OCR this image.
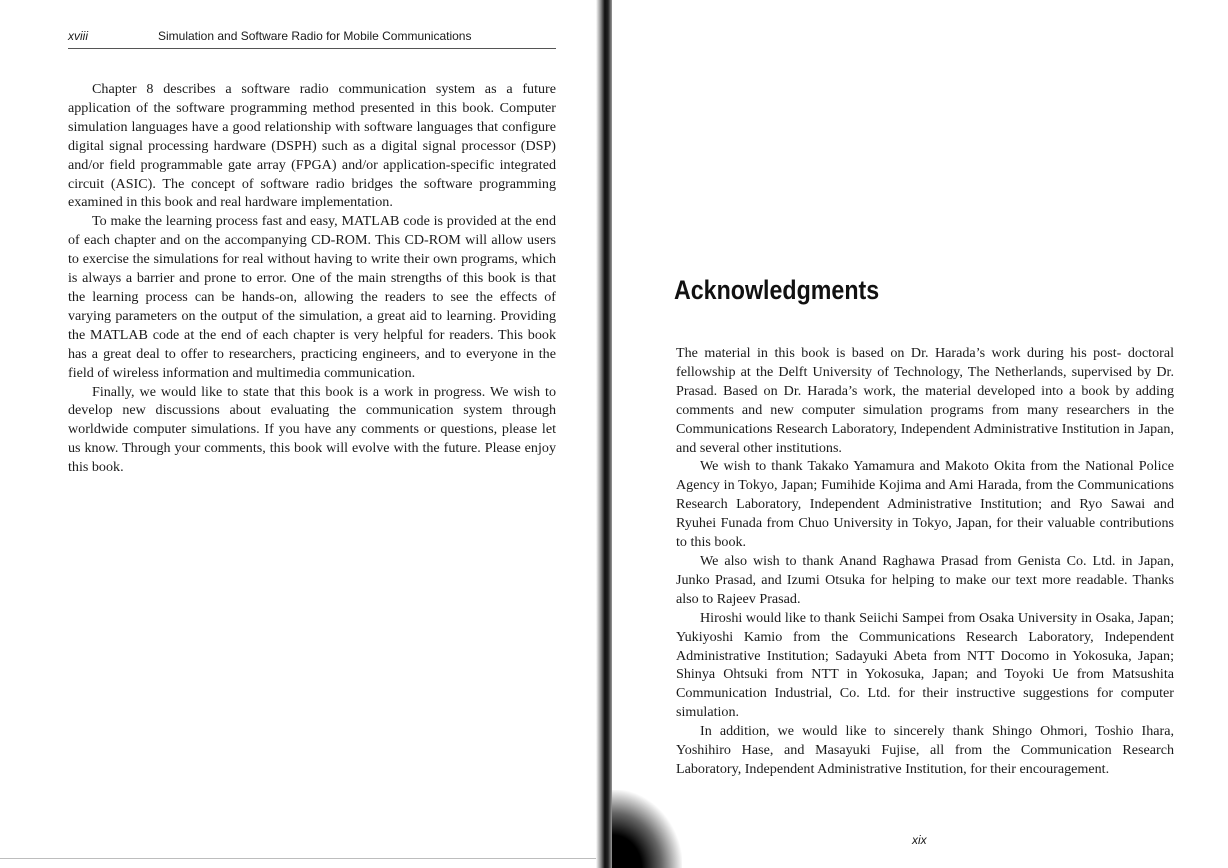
xviii	Simulation and Software Radio for Mobile Communications

Chapter 8 describes a software radio communication system as a future application of the software programming method presented in this book. Computer simulation languages have a good relationship with software languages that configure digital signal processing hardware (DSPH) such as a digital signal processor (DSP) and/or field programmable gate array (FPGA) and/or application-specific integrated circuit (ASIC). The concept of software radio bridges the software programming examined in this book and real hardware implementation.

To make the learning process fast and easy, MATLAB code is provided at the end of each chapter and on the accompanying CD-ROM. This CD-ROM will allow users to exercise the simulations for real without having to write their own programs, which is always a barrier and prone to error. One of the main strengths of this book is that the learning process can be hands-on, allowing the readers to see the effects of varying parameters on the output of the simulation, a great aid to learning. Providing the MATLAB code at the end of each chapter is very helpful for readers. This book has a great deal to offer to researchers, practicing engineers, and to everyone in the field of wireless information and multimedia communication.

Finally, we would like to state that this book is a work in progress. We wish to develop new discussions about evaluating the communication system through worldwide computer simulations. If you have any comments or questions, please let us know. Through your comments, this book will evolve with the future. Please enjoy this book.

Acknowledgments

The material in this book is based on Dr. Harada’s work during his post- doctoral fellowship at the Delft University of Technology, The Netherlands, supervised by Dr. Prasad. Based on Dr. Harada’s work, the material developed into a book by adding comments and new computer simulation programs from many researchers in the Communications Research Laboratory, Independent Administrative Institution in Japan, and several other institutions.

We wish to thank Takako Yamamura and Makoto Okita from the National Police Agency in Tokyo, Japan; Fumihide Kojima and Ami Harada, from the Communications Research Laboratory, Independent Administrative Institution; and Ryo Sawai and Ryuhei Funada from Chuo University in Tokyo, Japan, for their valuable contributions to this book.

We also wish to thank Anand Raghawa Prasad from Genista Co. Ltd. in Japan, Junko Prasad, and Izumi Otsuka for helping to make our text more readable. Thanks also to Rajeev Prasad.

Hiroshi would like to thank Seiichi Sampei from Osaka University in Osaka, Japan; Yukiyoshi Kamio from the Communications Research Laboratory, Independent Administrative Institution; Sadayuki Abeta from NTT Docomo in Yokosuka, Japan; Shinya Ohtsuki from NTT in Yokosuka, Japan; and Toyoki Ue from Matsushita Communication Industrial, Co. Ltd. for their instructive suggestions for computer simulation.

In addition, we would like to sincerely thank Shingo Ohmori, Toshio Ihara, Yoshihiro Hase, and Masayuki Fujise, all from the Communication Research Laboratory, Independent Administrative Institution, for their encouragement.

xix
